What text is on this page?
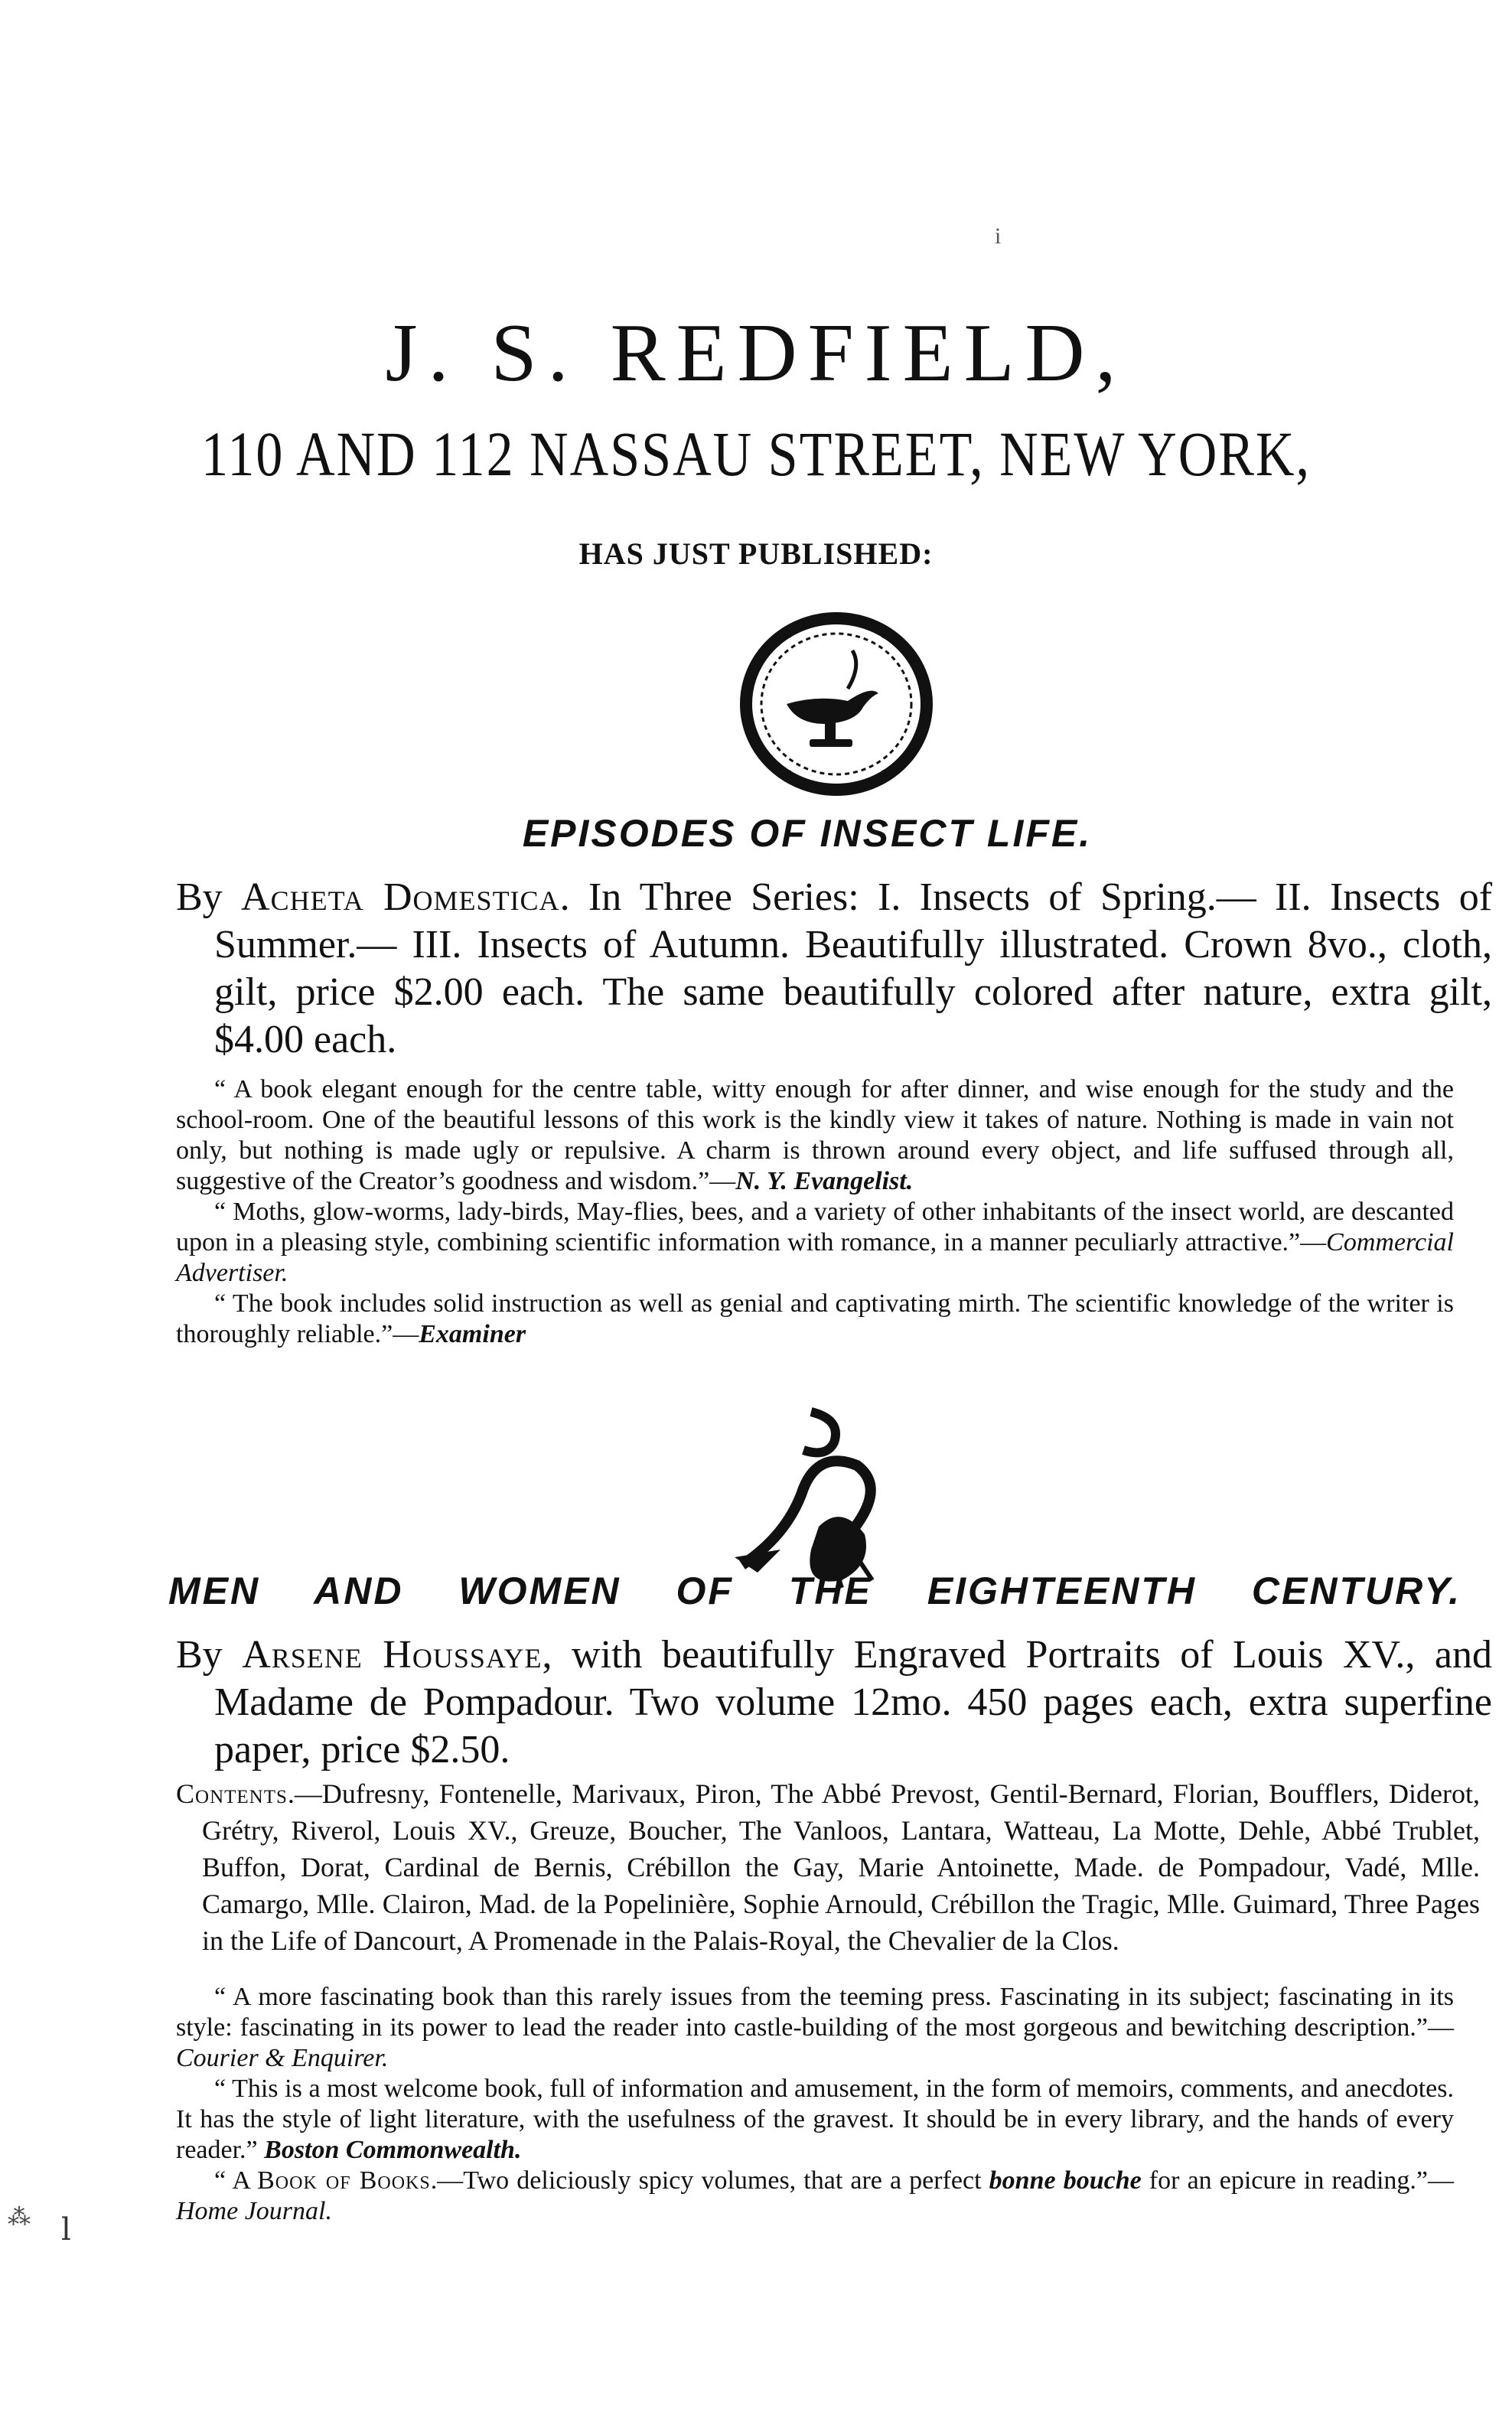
i
J. S. REDFIELD,
110 AND 112 NASSAU STREET, NEW YORK,
HAS JUST PUBLISHED:
EPISODES OF INSECT LIFE.
By Acheta Domestica. In Three Series: I. Insects of Spring.— II. Insects of Summer.— III. Insects of Autumn. Beautifully illustrated. Crown 8vo., cloth, gilt, price $2.00 each. The same beautifully colored after nature, extra gilt, $4.00 each.

“ A book elegant enough for the centre table, witty enough for after dinner, and wise enough for the study and the school-room. One of the beautiful lessons of this work is the kindly view it takes of nature. Nothing is made in vain not only, but nothing is made ugly or repulsive. A charm is thrown around every object, and life suffused through all, suggestive of the Creator’s goodness and wisdom.”—N. Y. Evangelist.

“ Moths, glow-worms, lady-birds, May-flies, bees, and a variety of other inhabitants of the insect world, are descanted upon in a pleasing style, combining scientific information with romance, in a manner peculiarly attractive.”—Commercial Advertiser.

“ The book includes solid instruction as well as genial and captivating mirth. The scientific knowledge of the writer is thoroughly reliable.”—Examiner

MEN AND WOMEN OF THE EIGHTEENTH CENTURY.
By Arsene Houssaye, with beautifully Engraved Portraits of Louis XV., and Madame de Pompadour. Two volume 12mo. 450 pages each, extra superfine paper, price $2.50.
Contents.—Dufresny, Fontenelle, Marivaux, Piron, The Abbé Prevost, Gentil-Bernard, Florian, Boufflers, Diderot, Grétry, Riverol, Louis XV., Greuze, Boucher, The Vanloos, Lantara, Watteau, La Motte, Dehle, Abbé Trublet, Buffon, Dorat, Cardinal de Bernis, Crébillon the Gay, Marie Antoinette, Made. de Pompadour, Vadé, Mlle. Camargo, Mlle. Clairon, Mad. de la Popelinière, Sophie Arnould, Crébillon the Tragic, Mlle. Guimard, Three Pages in the Life of Dancourt, A Promenade in the Palais-Royal, the Chevalier de la Clos.

“ A more fascinating book than this rarely issues from the teeming press. Fascinating in its subject; fascinating in its style: fascinating in its power to lead the reader into castle-building of the most gorgeous and bewitching description.”—Courier & Enquirer.

“ This is a most welcome book, full of information and amusement, in the form of memoirs, comments, and anecdotes. It has the style of light literature, with the usefulness of the gravest. It should be in every library, and the hands of every reader.” Boston Commonwealth.

“ A Book of Books.—Two deliciously spicy volumes, that are a perfect bonne bouche for an epicure in reading.”—Home Journal.

⁂ ⅼ
